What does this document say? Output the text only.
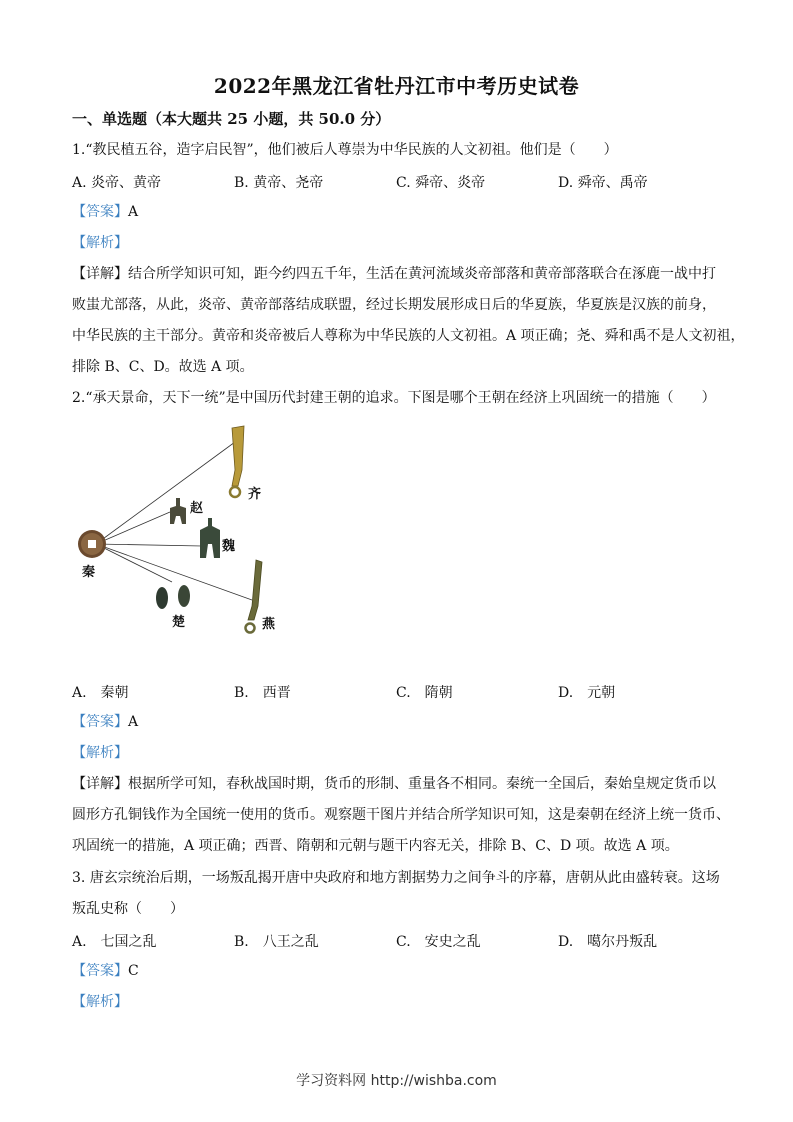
2022年黑龙江省牡丹江市中考历史试卷
一、单选题（本大题共 25 小题，共 50.0 分）
1.“教民植五谷，造字启民智”，他们被后人尊崇为中华民族的人文初祖。他们是（　　）
A. 炎帝、黄帝	B. 黄帝、尧帝	C. 舜帝、炎帝	D. 舜帝、禹帝
【答案】A
【解析】
【详解】结合所学知识可知，距今约四五千年，生活在黄河流域炎帝部落和黄帝部落联合在涿鹿一战中打
败蚩尤部落，从此，炎帝、黄帝部落结成联盟，经过长期发展形成日后的华夏族，华夏族是汉族的前身，
中华民族的主干部分。黄帝和炎帝被后人尊称为中华民族的人文初祖。A 项正确；尧、舜和禹不是人文初祖，
排除 B、C、D。故选 A 项。
2.“承天景命，天下一统”是中国历代封建王朝的追求。下图是哪个王朝在经济上巩固统一的措施（　　）
秦
齐
赵
魏
楚	燕
A.　秦朝	B.　西晋	C.　隋朝	D.　元朝
【答案】A
【解析】
【详解】根据所学可知，春秋战国时期，货币的形制、重量各不相同。秦统一全国后，秦始皇规定货币以
圆形方孔铜钱作为全国统一使用的货币。观察题干图片并结合所学知识可知，这是秦朝在经济上统一货币、
巩固统一的措施，A 项正确；西晋、隋朝和元朝与题干内容无关，排除 B、C、D 项。故选 A 项。
3. 唐玄宗统治后期，一场叛乱揭开唐中央政府和地方割据势力之间争斗的序幕，唐朝从此由盛转衰。这场
叛乱史称（　　）
A.　七国之乱	B.　八王之乱	C.　安史之乱	D.　噶尔丹叛乱
【答案】C
【解析】
学习资料网 http://wishba.com
